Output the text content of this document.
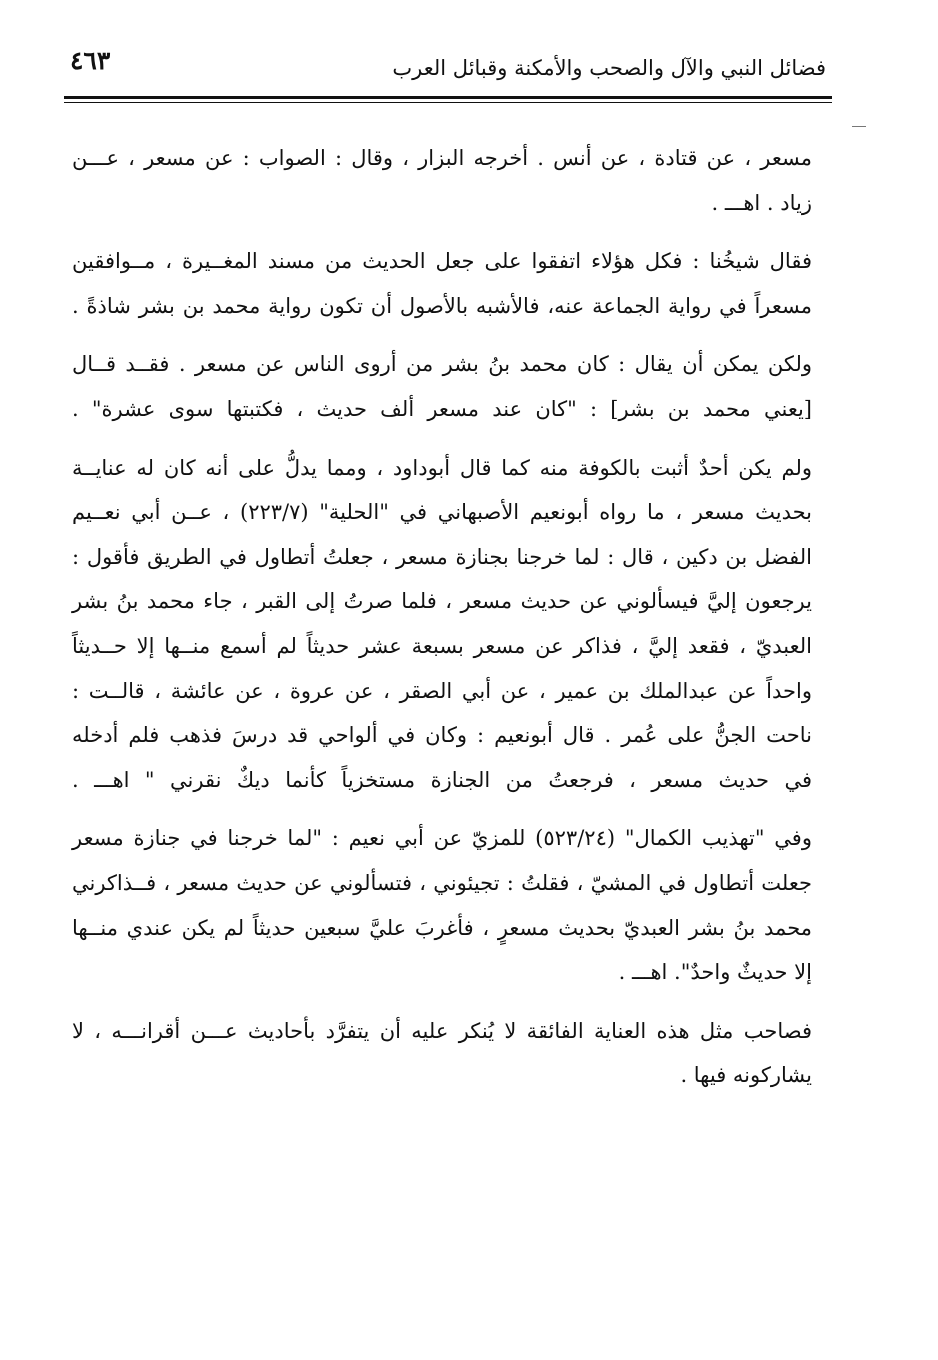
٤٦٣	فضائل النبي والآل والصحب والأمكنة وقبائل العرب
مسعر ، عن قتادة ، عن أنس . أخرجه البزار ، وقال : الصواب : عن مسعر ، عـــن
زياد . اهـــ .
فقال شيخُنا : فكل هؤلاء اتفقوا على جعل الحديث من مسند المغــيرة ، مــوافقين
مسعراً في رواية الجماعة عنه، فالأشبه بالأصول أن تكون رواية محمد بن بشر شاذةً .
ولكن يمكن أن يقال : كان محمد بنُ بشر من أروى الناس عن مسعر . فقــد قــال
[يعني محمد بن بشر] : "كان عند مسعر ألف حديث ، فكتبتها سوى عشرة" .
ولم يكن أحدٌ أثبت بالكوفة منه كما قال أبوداود ، ومما يدلُّ على أنه كان له عنايــة
بحديث مسعر ، ما رواه أبونعيم الأصبهاني في "الحلية" (٢٢٣/٧) ، عــن أبي نعــيم
الفضل بن دكين ، قال : لما خرجنا بجنازة مسعر ، جعلتُ أتطاول في الطريق فأقول :
يرجعون إليَّ فيسألوني عن حديث مسعر ، فلما صرتُ إلى القبر ، جاء محمد بنُ بشر
العبديّ ، فقعد إليَّ ، فذاكر عن مسعر بسبعة عشر حديثاً لم أسمع منــها إلا حــديثاً
واحداً عن عبدالملك بن عمير ، عن أبي الصقر ، عن عروة ، عن عائشة ، قالــت :
ناحت الجنُّ على عُمر . قال أبونعيم : وكان في ألواحي قد درسَ فذهب فلم أدخله
في حديث مسعر ، فرجعتُ من الجنازة مستخزياً كأنما ديكٌ نقرني " اهـــ .
وفي "تهذيب الكمال" (٥٢٣/٢٤) للمزيّ عن أبي نعيم : "لما خرجنا في جنازة مسعر
جعلت أتطاول في المشيّ ، فقلتُ : تجيئوني ، فتسألوني عن حديث مسعر ، فــذاكرني
محمد بنُ بشر العبديّ بحديث مسعرٍ ، فأغربَ عليَّ سبعين حديثاً لم يكن عندي منــها
إلا حديثٌ واحدٌ". اهـــ .
فصاحب مثل هذه العناية الفائقة لا يُنكر عليه أن يتفرَّد بأحاديث عـــن أقرانـــه ، لا
يشاركونه فيها .
